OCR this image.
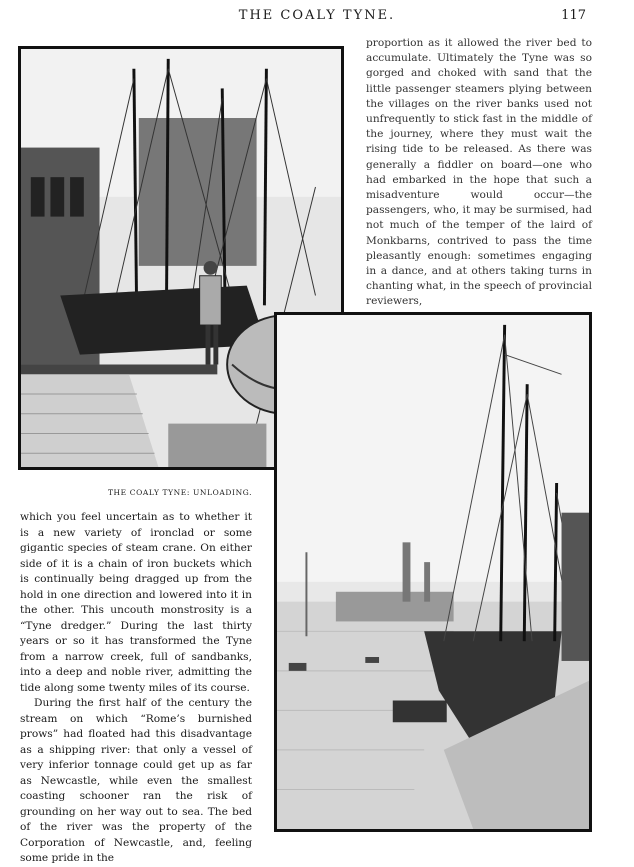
THE COALY TYNE.	117
THE COALY TYNE: UNLOADING.

proportion as it allowed the river bed to accumulate. Ultimately the Tyne was so gorged and choked with sand that the little passenger steamers plying between the villages on the river banks used not unfrequently to stick fast in the middle of the journey, where they must wait the rising tide to be released. As there was generally a fiddler on board—one who had embarked in the hope that such a misadventure would occur—the passengers, who, it may be surmised, had not much of the temper of the laird of Monkbarns, contrived to pass the time pleasantly enough: sometimes engaging in a dance, and at others taking turns in chanting what, in the speech of provincial reviewers,

which you feel uncertain as to whether it is a new variety of ironclad or some gigantic species of steam crane. On either side of it is a chain of iron buckets which is continually being dragged up from the hold in one direction and lowered into it in the other. This uncouth monstrosity is a “Tyne dredger.” During the last thirty years or so it has transformed the Tyne from a narrow creek, full of sandbanks, into a deep and noble river, admitting the tide along some twenty miles of its course.

During the first half of the century the stream on which “Rome’s burnished prows” had floated had this disadvantage as a shipping river: that only a vessel of very inferior tonnage could get up as far as Newcastle, while even the smallest coasting schooner ran the risk of grounding on her way out to sea. The bed of the river was the property of the Corporation of Newcastle, and, feeling some pride in the
